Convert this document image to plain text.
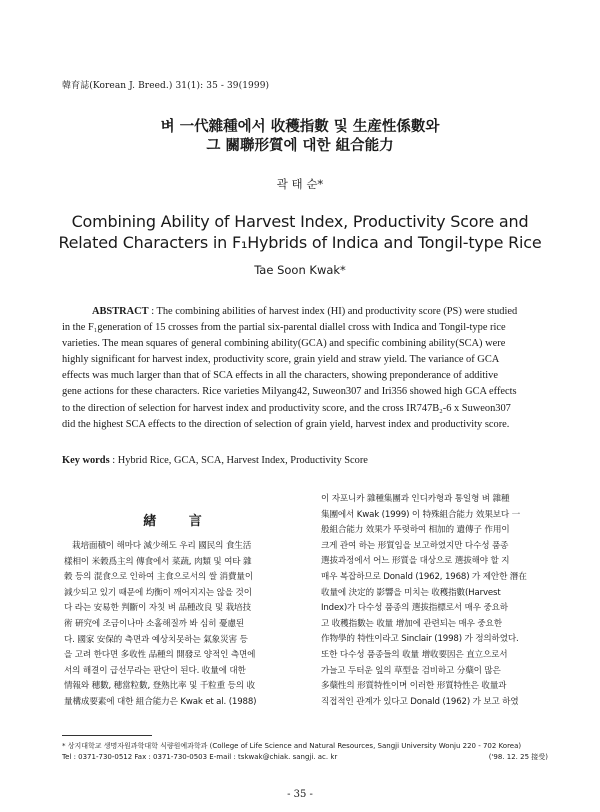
韓育誌(Korean J. Breed.) 31(1): 35 - 39(1999)
벼 一代雜種에서 收穫指數 및 生産性係數와
그 關聯形質에 대한 組合能力
곽 태 순*
Combining Ability of Harvest Index, Productivity Score and
Related Characters in F₁Hybrids of Indica and Tongil-type Rice
Tae Soon Kwak*
ABSTRACT : The combining abilities of harvest index (HI) and productivity score (PS) were studied
in the F₁generation of 15 crosses from the partial six-parental diallel cross with Indica and Tongil-type rice
varieties. The mean squares of general combining ability(GCA) and specific combining ability(SCA) were
highly significant for harvest index, productivity score, grain yield and straw yield. The variance of GCA
effects was much larger than that of SCA effects in all the characters, showing preponderance of additive
gene actions for these characters. Rice varieties Milyang42, Suweon307 and Iri356 showed high GCA effects
to the direction of selection for harvest index and productivity score, and the cross IR747B₂-6 x Suweon307
did the highest SCA effects to the direction of selection of grain yield, harvest index and productivity score.
Key words : Hybrid Rice, GCA, SCA, Harvest Index, Productivity Score
緖 言
栽培面積이 해마다 減少해도 우리 國民의 食生活
樣相이 米穀爲主의 傳食에서 菜蔬, 肉類 및 여타 雜
穀 등의 混食으로 인하여 主食으로서의 쌀 消費量이
減少되고 있기 때문에 均衡이 깨어지지는 않을 것이
다 라는 安易한 判斷이 자칫 벼 品種改良 및 栽培技
術 硏究에 조금이나마 소홀해질까 봐 심히 憂慮된
다. 國家 安保的 측면과 예상치못하는 氣象災害 등
을 고려 한다면 多收性 品種의 開發로 양적인 측면에
서의 해결이 급선무라는 판단이 된다. 收量에 대한
情報와 穗數, 穗當粒數, 登熟比率 및 千粒重 등의 收
量構成要素에 대한 組合能力은 Kwak et al. (1988)
이 자포니카 雜種集團과 인디카형과 통일형 벼 雜種
集團에서 Kwak (1999) 이 特殊組合能力 效果보다 一
般組合能力 效果가 뚜렷하여 相加的 遺傳子 作用이
크게 관여 하는 形質임을 보고하였지만 다수성 품종
選拔과정에서 어느 形質을 대상으로 選拔해야 할 지
매우 복잡하므로 Donald (1962, 1968) 가 제안한 潛在
收量에 決定的 影響을 미치는 收穫指數(Harvest
Index)가 다수성 품종의 選拔指標로서 매우 중요하
고 收穫指數는 收量 增加에 관련되는 매우 중요한
作物學的 特性이라고 Sinclair (1998) 가 정의하였다.
또한 다수성 품종들의 收量 增收要因은 直立으로서
가늘고 두터운 잎의 草型을 검비하고 分蘖이 많은
多蘖性의 形質特性이며 이러한 形質特性은 收量과
직접적인 관계가 있다고 Donald (1962) 가 보고 하였
* 상지대학교 생명자원과학대학 식량원예과학과 (College of Life Science and Natural Resources, Sangji University Wonju 220 - 702 Korea)
Tel : 0371-730-0512 Fax : 0371-730-0503 E-mail : tskwak@chiak. sangji. ac. kr	('98. 12. 25 接受)
- 35 -
